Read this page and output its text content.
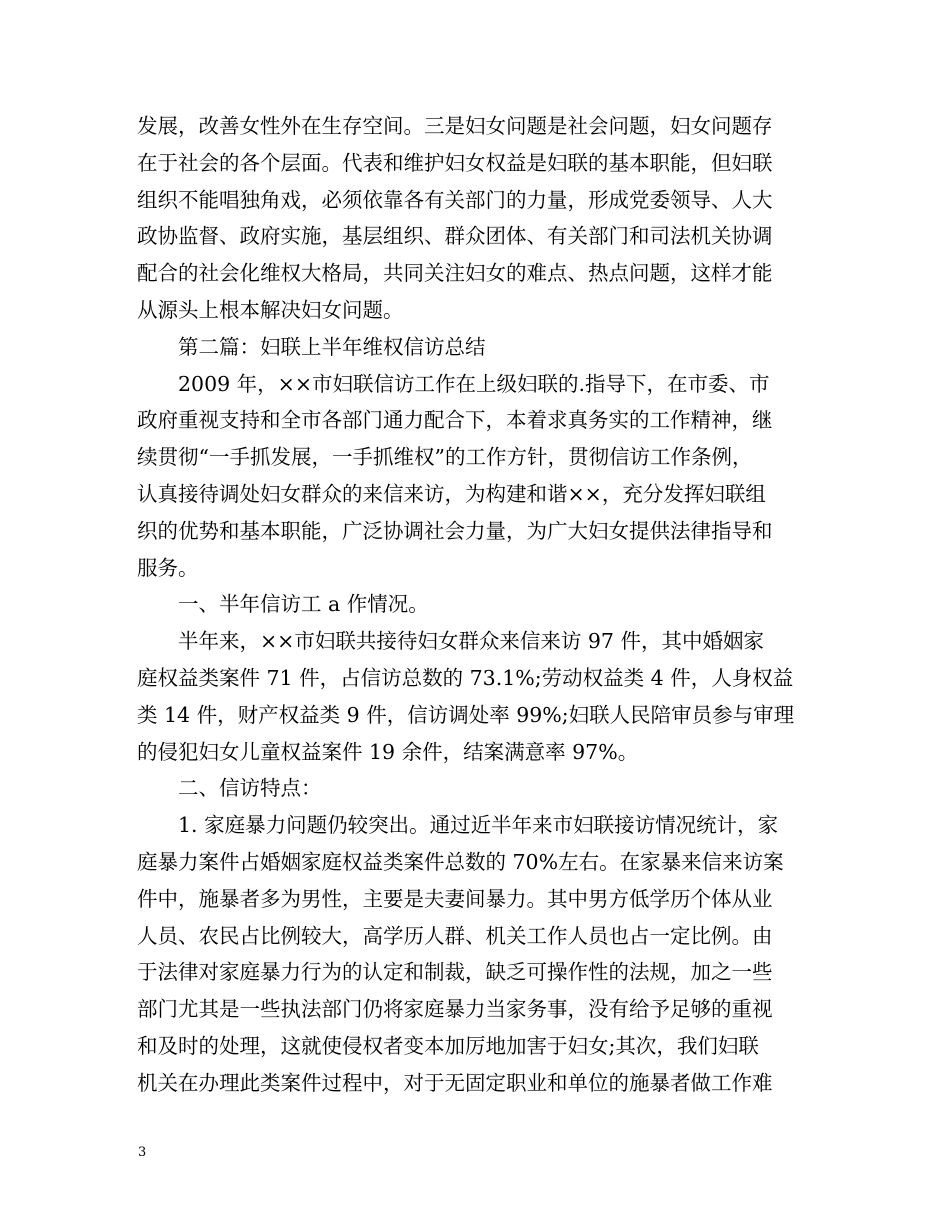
发展，改善女性外在生存空间。三是妇女问题是社会问题，妇女问题存
在于社会的各个层面。代表和维护妇女权益是妇联的基本职能，但妇联
组织不能唱独角戏，必须依靠各有关部门的力量，形成党委领导、人大
政协监督、政府实施，基层组织、群众团体、有关部门和司法机关协调
配合的社会化维权大格局，共同关注妇女的难点、热点问题，这样才能
从源头上根本解决妇女问题。
　　第二篇：妇联上半年维权信访总结
　　2009 年，××市妇联信访工作在上级妇联的.指导下，在市委、市
政府重视支持和全市各部门通力配合下，本着求真务实的工作精神，继
续贯彻“一手抓发展，一手抓维权”的工作方针，贯彻信访工作条例，
认真接待调处妇女群众的来信来访，为构建和谐××，充分发挥妇联组
织的优势和基本职能，广泛协调社会力量，为广大妇女提供法律指导和
服务。
　　一、半年信访工 a 作情况。
　　半年来，××市妇联共接待妇女群众来信来访 97 件，其中婚姻家
庭权益类案件 71 件，占信访总数的 73.1%;劳动权益类 4 件，人身权益
类 14 件，财产权益类 9 件，信访调处率 99%;妇联人民陪审员参与审理
的侵犯妇女儿童权益案件 19 余件，结案满意率 97%。
　　二、信访特点：
　　1. 家庭暴力问题仍较突出。通过近半年来市妇联接访情况统计，家
庭暴力案件占婚姻家庭权益类案件总数的 70%左右。在家暴来信来访案
件中，施暴者多为男性，主要是夫妻间暴力。其中男方低学历个体从业
人员、农民占比例较大，高学历人群、机关工作人员也占一定比例。由
于法律对家庭暴力行为的认定和制裁，缺乏可操作性的法规，加之一些
部门尤其是一些执法部门仍将家庭暴力当家务事，没有给予足够的重视
和及时的处理，这就使侵权者变本加厉地加害于妇女;其次，我们妇联
机关在办理此类案件过程中，对于无固定职业和单位的施暴者做工作难
3
